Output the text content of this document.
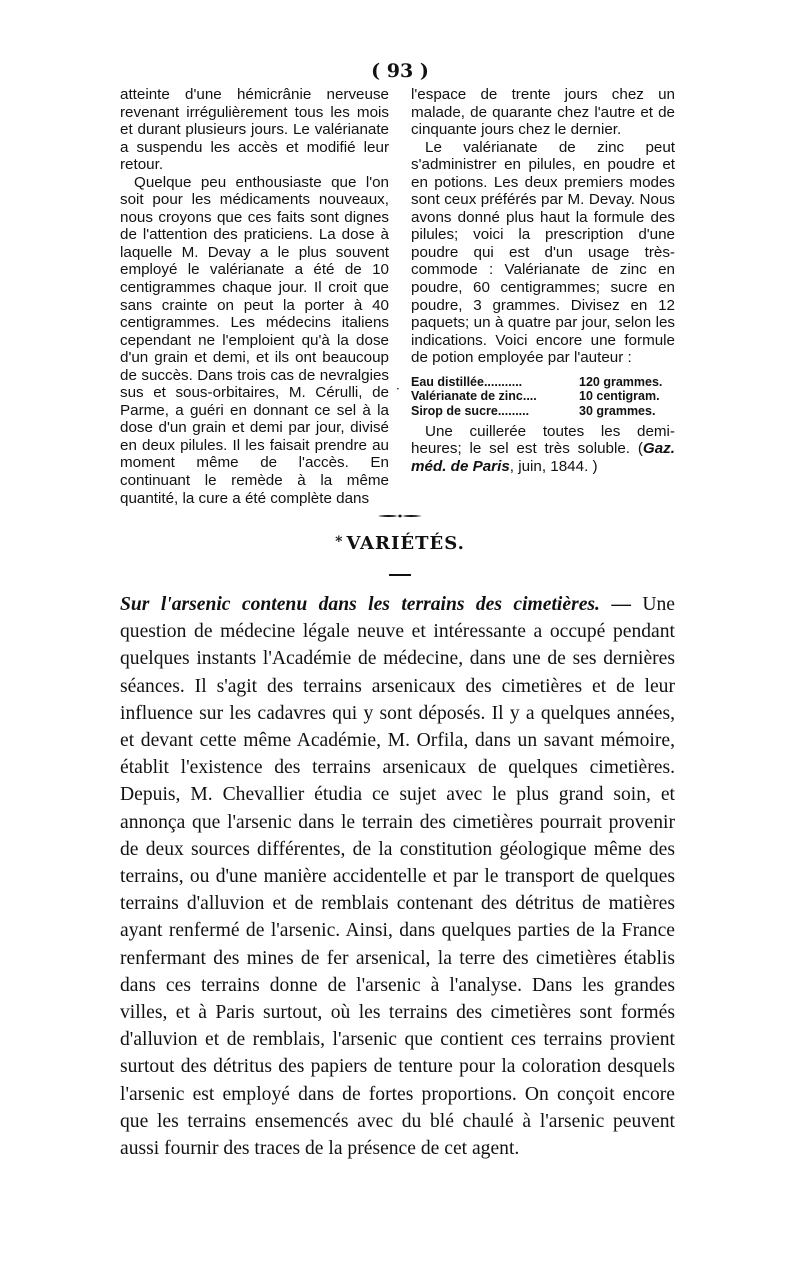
( 93 )

atteinte d'une hémicrânie nerveuse revenant irrégulièrement tous les mois et durant plusieurs jours. Le valérianate a suspendu les accès et modifié leur retour.

Quelque peu enthousiaste que l'on soit pour les médicaments nouveaux, nous croyons que ces faits sont dignes de l'attention des praticiens. La dose à laquelle M. Devay a le plus souvent employé le valérianate a été de 10 centigrammes chaque jour. Il croit que sans crainte on peut la porter à 40 centigrammes. Les médecins italiens cependant ne l'emploient qu'à la dose d'un grain et demi, et ils ont beaucoup de succès. Dans trois cas de nevralgies sus et sous-orbitaires, M. Cérulli, de Parme, a guéri en donnant ce sel à la dose d'un grain et demi par jour, divisé en deux pilules. Il les faisait prendre au moment même de l'accès. En continuant le remède à la même quantité, la cure a été complète dans

·

l'espace de trente jours chez un malade, de quarante chez l'autre et de cinquante jours chez le dernier.

Le valérianate de zinc peut s'administrer en pilules, en poudre et en potions. Les deux premiers modes sont ceux préférés par M. Devay. Nous avons donné plus haut la formule des pilules; voici la prescription d'une poudre qui est d'un usage très-commode : Valérianate de zinc en poudre, 60 centigrammes; sucre en poudre, 3 grammes. Divisez en 12 paquets; un à quatre par jour, selon les indications. Voici encore une formule de potion employée par l'auteur :

Eau distillée...........	120 grammes.
Valérianate de zinc....	10 centigram.
Sirop de sucre.........	30 grammes.

Une cuillerée toutes les demi-heures; le sel est très soluble. (Gaz. méd. de Paris, juin, 1844. )

* VARIÉTÉS.

Sur l'arsenic contenu dans les terrains des cimetières. — Une question de médecine légale neuve et intéressante a occupé pendant quelques instants l'Académie de médecine, dans une de ses dernières séances. Il s'agit des terrains arsenicaux des cimetières et de leur influence sur les cadavres qui y sont déposés. Il y a quelques années, et devant cette même Académie, M. Orfila, dans un savant mémoire, établit l'existence des terrains arsenicaux de quelques cimetières. Depuis, M. Chevallier étudia ce sujet avec le plus grand soin, et annonça que l'arsenic dans le terrain des cimetières pourrait provenir de deux sources différentes, de la constitution géologique même des terrains, ou d'une manière accidentelle et par le transport de quelques terrains d'alluvion et de remblais contenant des détritus de matières ayant renfermé de l'arsenic. Ainsi, dans quelques parties de la France renfermant des mines de fer arsenical, la terre des cimetières établis dans ces terrains donne de l'arsenic à l'analyse. Dans les grandes villes, et à Paris surtout, où les terrains des cimetières sont formés d'alluvion et de remblais, l'arsenic que contient ces terrains provient surtout des détritus des papiers de tenture pour la coloration desquels l'arsenic est employé dans de fortes proportions. On conçoit encore que les terrains ensemencés avec du blé chaulé à l'arsenic peuvent aussi fournir des traces de la présence de cet agent.
